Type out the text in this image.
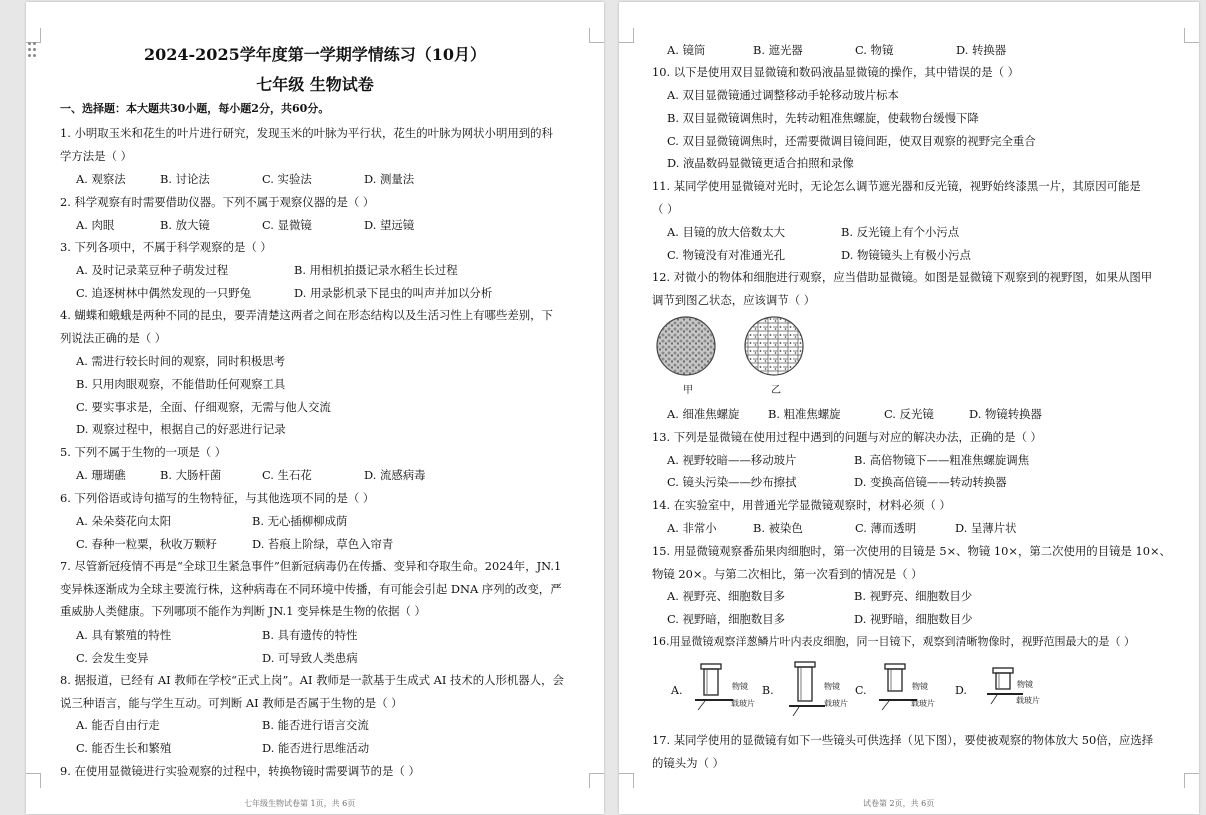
2024-2025学年度第一学期学情练习（10月）
七年级 生物试卷
一、选择题：本大题共30小题，每小题2分，共60分。
1. 小明取玉米和花生的叶片进行研究，发现玉米的叶脉为平行状，花生的叶脉为网状小明用到的科
学方法是（ ）
A. 观察法	B. 讨论法	C. 实验法	D. 测量法
2. 科学观察有时需要借助仪器。下列不属于观察仪器的是（ ）
A. 肉眼	B. 放大镜	C. 显微镜	D. 望远镜
3. 下列各项中，不属于科学观察的是（ ）
A. 及时记录菜豆种子萌发过程	B. 用相机拍摄记录水稻生长过程
C. 追逐树林中偶然发现的一只野兔	D. 用录影机录下昆虫的叫声并加以分析
4. 蝴蝶和蛾蛾是两种不同的昆虫，要弄清楚这两者之间在形态结构以及生活习性上有哪些差别，下
列说法正确的是（ ）
A. 需进行较长时间的观察，同时积极思考
B. 只用肉眼观察，不能借助任何观察工具
C. 要实事求是，全面、仔细观察，无需与他人交流
D. 观察过程中，根据自己的好恶进行记录
5. 下列不属于生物的一项是（ ）
A. 珊瑚礁	B. 大肠杆菌	C. 生石花	D. 流感病毒
6. 下列俗语或诗句描写的生物特征，与其他选项不同的是（ ）
A. 朵朵葵花向太阳	B. 无心插柳柳成荫
C. 春种一粒粟，秋收万颗籽	D. 苔痕上阶绿，草色入帘青
7. 尽管新冠疫情不再是“全球卫生紧急事件”但新冠病毒仍在传播、变异和夺取生命。2024年，JN.1
变异株逐渐成为全球主要流行株，这种病毒在不同环境中传播，有可能会引起 DNA 序列的改变，严
重威胁人类健康。下列哪项不能作为判断 JN.1 变异株是生物的依据（ ）
A. 具有繁殖的特性	B. 具有遗传的特性
C. 会发生变异	D. 可导致人类患病
8. 据报道，已经有 AI 教师在学校“正式上岗”。AI 教师是一款基于生成式 AI 技术的人形机器人，会
说三种语言，能与学生互动。可判断 AI 教师是否属于生物的是（ ）
A. 能否自由行走	B. 能否进行语言交流
C. 能否生长和繁殖	D. 能否进行思维活动
9. 在使用显微镜进行实验观察的过程中，转换物镜时需要调节的是（ ）
七年级生物试卷第 1页，共 6页
A. 镜筒	B. 遮光器	C. 物镜	D. 转换器
10. 以下是使用双目显微镜和数码液晶显微镜的操作，其中错误的是（ ）
A. 双目显微镜通过调整移动手轮移动玻片标本
B. 双目显微镜调焦时，先转动粗准焦螺旋，使载物台缓慢下降
C. 双目显微镜调焦时，还需要微调目镜间距，使双目观察的视野完全重合
D. 液晶数码显微镜更适合拍照和录像
11. 某同学使用显微镜对光时，无论怎么调节遮光器和反光镜，视野始终漆黑一片，其原因可能是
（ ）
A. 目镜的放大倍数太大	B. 反光镜上有个小污点
C. 物镜没有对准通光孔	D. 物镜镜头上有极小污点
12. 对微小的物体和细胞进行观察，应当借助显微镜。如图是显微镜下观察到的视野图，如果从图甲
调节到图乙状态，应该调节（ ）
甲	乙
A. 细准焦螺旋	B. 粗准焦螺旋	C. 反光镜	D. 物镜转换器
13. 下列是显微镜在使用过程中遇到的问题与对应的解决办法，正确的是（ ）
A. 视野较暗——移动玻片	B. 高倍物镜下——粗准焦螺旋调焦
C. 镜头污染——纱布擦拭	D. 变换高倍镜——转动转换器
14. 在实验室中，用普通光学显微镜观察时，材料必须（ ）
A. 非常小	B. 被染色	C. 薄而透明	D. 呈薄片状
15. 用显微镜观察番茄果肉细胞时，第一次使用的目镜是 5×、物镜 10×，第二次使用的目镜是 10×、
物镜 20×。与第二次相比，第一次看到的情况是（ ）
A. 视野亮、细胞数目多	B. 视野亮、细胞数目少
C. 视野暗，细胞数目多	D. 视野暗，细胞数目少
16.用显微镜观察洋葱鳞片叶内表皮细胞，同一目镜下，观察到清晰物像时，视野范围最大的是（ ）
A.	物镜
载玻片
B.	物镜
载玻片
C.	物镜
载玻片
D.	物镜
载玻片
17. 某同学使用的显微镜有如下一些镜头可供选择（见下图），要使被观察的物体放大 50倍，应选择
的镜头为（ ）
试卷第 2页，共 6页
